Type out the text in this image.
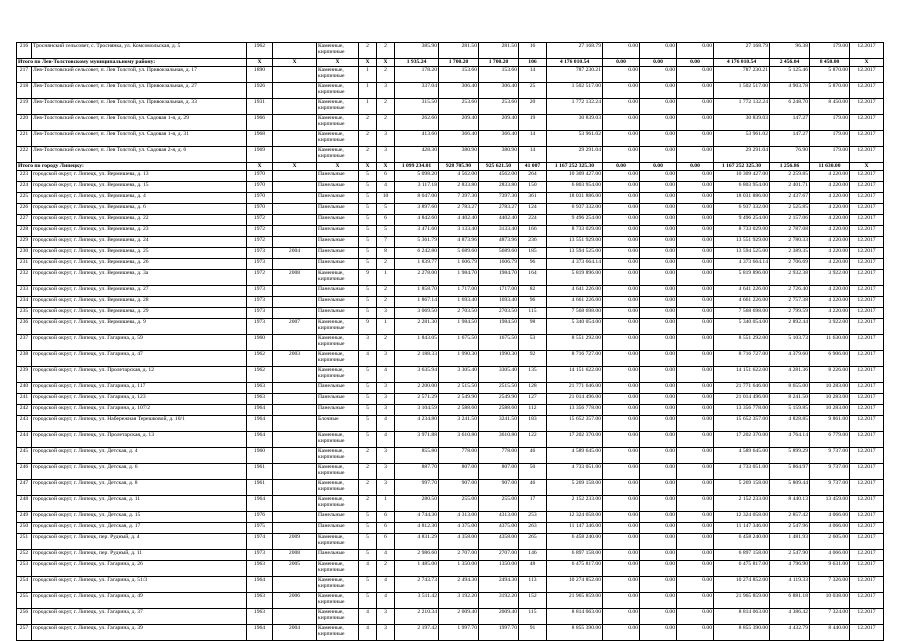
216	Троснянский сельсовет, с. Троснянка, ул. Комсомольская, д. 5	1962		Каменные, кирпичные	2	2	385.90	281.50	281.50	16	27 168.79	0.00	0.00	0.00	27 168.79	96.38	179.00	12.2017
Итого по Лев-Толстовскому муниципальному району:		X	X	X	X	X	1 935.24	1 700.20	1 700.20	106	4 176 010.54	0.00	0.00	0.00	4 176 010.54	2 456.04	8 450.00	X
217	Лев-Толстовский сельсовет, п. Лев Толстой, ул. Привокзальная, д. 17	1890		Каменные, кирпичные	1	2	178.20	153.60	153.60	14	787 230.21	0.00	0.00	0.00	787 230.21	5 125.46	5 870.00	12.2017
218	Лев-Толстовский сельсовет, п. Лев Толстой, ул. Привокзальная, д. 27	1926		Каменные, кирпичные	1	3	337.04	306.40	306.40	25	1 502 517.00	0.00	0.00	0.00	1 502 517.00	4 903.78	5 870.00	12.2017
219	Лев-Толстовский сельсовет, п. Лев Толстой, ул. Привокзальная, д. 33	1931		Каменные, кирпичные	1	2	315.50	253.60	253.60	20	1 772 132.24	0.00	0.00	0.00	1 772 132.24	6 248.70	8 450.00	12.2017
220	Лев-Толстовский сельсовет, п. Лев Толстой, ул. Садовая 1-я, д. 29	1966		Каменные, кирпичные	2	2	262.60	209.40	209.40	19	30 839.03	0.00	0.00	0.00	30 839.03	147.27	179.00	12.2017
221	Лев-Толстовский сельсовет, п. Лев Толстой, ул. Садовая 1-я, д. 31	1968		Каменные, кирпичные	2	3	413.60	366.40	366.40	14	53 961.02	0.00	0.00	0.00	53 961.02	147.27	179.00	12.2017
222	Лев-Толстовский сельсовет, п. Лев Толстой, ул. Садовая 2-я, д. 6	1969		Каменные, кирпичные	2	3	428.30	380.90	380.90	14	29 291.04	0.00	0.00	0.00	29 291.04	76.90	179.00	12.2017
Итого по городу Липецку:		X	X	X	X	X	1 099 234.01	928 705.90	925 621.50	41 007	1 167 252 325.30	0.00	0.00	0.00	1 167 252 325.30	1 256.86	11 630.00	X
223	городской округ, г. Липецк, ул. Вермишева, д. 13	1970		Панельные	5	6	5 098.20	4 562.00	4562.00	264	10 309 427.00	0.00	0.00	0.00	10 309 427.00	2 259.85	4 220.00	12.2017
224	городской округ, г. Липецк, ул. Вермишева, д. 15	1970		Панельные	5	4	3 117.18	2 833.80	2833.80	150	6 803 954.00	0.00	0.00	0.00	6 803 954.00	2 401.71	4 220.00	12.2017
225	городской округ, г. Липецк, ул. Вермишева, д. 4	1970		Панельные	5	10	8 047.00	7 397.30	7397.30	361	18 031 886.00	0.00	0.00	0.00	18 031 886.00	2 437.67	4 220.00	12.2017
226	городской округ, г. Липецк, ул. Вермишева, д. 6	1970		Панельные	5	5	3 897.60	2 783.27	2783.27	124	6 937 332.00	0.00	0.00	0.00	6 937 332.00	2 525.85	4 220.00	12.2017
227	городской округ, г. Липецк, ул. Вермишева, д. 22	1972		Панельные	5	6	4 842.60	4 402.40	4402.40	224	9 496 254.00	0.00	0.00	0.00	9 496 254.00	2 157.06	4 220.00	12.2017
228	городской округ, г. Липецк, ул. Вермишева, д. 23	1972		Панельные	5	5	3 471.60	3 133.40	3133.40	166	8 733 029.00	0.00	0.00	0.00	8 733 029.00	2 787.08	4 220.00	12.2017
229	городской округ, г. Липецк, ул. Вермишева, д. 24	1972		Панельные	5	7	5 361.79	4 873.96	4873.96	236	13 551 929.00	0.00	0.00	0.00	13 551 929.00	2 780.33	4 220.00	12.2017
230	городской округ, г. Липецк, ул. Вермишева, д. 25	1973	2004	Панельные	5	8	6 242.80	5 689.60	5689.60	185	13 594 525.00	0.00	0.00	0.00	13 594 525.00	2 389.35	4 220.00	12.2017
231	городской округ, г. Липецк, ул. Вермишева, д. 26	1973		Панельные	5	2	1 839.77	1 606.79	1606.79	96	4 373 664.14	0.00	0.00	0.00	4 373 664.14	2 706.69	4 220.00	12.2017
232	городской округ, г. Липецк, ул. Вермишева, д. 3а	1972	2008	Каменные, кирпичные	9	1	2 278.00	1 984.70	1984.70	164	5 819 896.00	0.00	0.00	0.00	5 819 896.00	2 932.38	3 922.00	12.2017
233	городской округ, г. Липецк, ул. Вермишева, д. 27	1973		Панельные	5	2	1 858.70	1 717.00	1717.00	82	4 641 226.00	0.00	0.00	0.00	4 641 226.00	2 726.40	4 220.00	12.2017
234	городской округ, г. Липецк, ул. Вермишева, д. 28	1973		Панельные	5	2	1 867.14	1 693.40	1693.40	96	4 661 226.00	0.00	0.00	0.00	4 661 226.00	2 757.38	4 220.00	12.2017
235	городской округ, г. Липецк, ул. Вермишева, д. 29	1973		Панельные	5	3	3 069.50	2 703.50	2703.50	115	7 568 698.00	0.00	0.00	0.00	7 568 698.00	2 799.59	4 220.00	12.2017
236	городской округ, г. Липецк, ул. Вермишева, д. 9	1973	2007	Каменные, кирпичные	9	1	2 281.30	1 984.50	1984.50	98	5 340 054.00	0.00	0.00	0.00	5 340 054.00	2 892.44	3 922.00	12.2017
237	городской округ, г. Липецк, ул. Гагарина, д. 59	1960		Каменные, кирпичные	3	2	1 843.05	1 675.50	1675.50	53	8 551 292.00	0.00	0.00	0.00	8 551 292.00	5 103.73	11 630.00	12.2017
238	городской округ, г. Липецк, ул. Гагарина, д. 47	1962	2003	Каменные, кирпичные	4	3	2 188.33	1 990.30	1990.30	92	8 716 727.00	0.00	0.00	0.00	8 716 727.00	4 379.60	6 906.00	12.2017
239	городской округ, г. Липецк, ул. Пролетарская, д. 12	1962		Каменные, кирпичные	5	4	3 635.94	3 305.40	3305.40	135	14 151 622.00	0.00	0.00	0.00	14 151 622.00	4 281.36	8 226.00	12.2017
240	городской округ, г. Липецк, ул. Гагарина, д. 117	1963		Панельные	5	3	2 200.00	2 515.50	2515.50	128	21 771 646.00	0.00	0.00	0.00	21 771 646.00	8 655.00	10 283.00	12.2017
241	городской округ, г. Липецк, ул. Гагарина, д. 123	1963		Панельные	5	3	2 571.29	2 549.90	2549.90	127	21 014 496.00	0.00	0.00	0.00	21 014 496.00	8 241.50	10 283.00	12.2017
242	городской округ, г. Липецк, ул. Гагарина, д. 107/2	1964		Панельные	5	3	3 104.59	2 588.60	2588.60	112	13 356 778.00	0.00	0.00	0.00	13 356 778.00	5 159.85	10 283.00	12.2017
243	городской округ, г. Липецк, ул. Набережная Терешковой, д. 10/1	1964		Блочные	5	4	4 234.80	3 241.50	3241.50	183	15 652 357.00	0.00	0.00	0.00	15 652 357.00	4 828.85	9 861.00	12.2017
244	городской округ, г. Липецк, ул. Пролетарская, д. 13	1964		Каменные, кирпичные	5	4	3 971.88	3 610.80	3610.80	122	17 202 370.00	0.00	0.00	0.00	17 202 370.00	4 764.14	6 779.00	12.2017
245	городской округ, г. Липецк, ул. Детская, д. 4	1960		Каменные, кирпичные	2	3	855.80	778.00	778.00	46	4 589 645.00	0.00	0.00	0.00	4 589 645.00	5 899.29	9 737.00	12.2017
246	городской округ, г. Липецк, ул. Детская, д. 6	1961		Каменные, кирпичные	2	3	887.70	807.00	807.00	50	4 733 051.00	0.00	0.00	0.00	4 733 051.00	5 864.97	9 737.00	12.2017
247	городской округ, г. Липецк, ул. Детская, д. 8	1961		Каменные, кирпичные	2	3	997.70	907.00	907.00	46	5 269 158.00	0.00	0.00	0.00	5 269 158.00	5 809.44	9 737.00	12.2017
248	городской округ, г. Липецк, ул. Детская, д. 11	1964		Каменные, кирпичные	2	1	280.50	255.00	255.00	17	2 152 233.00	0.00	0.00	0.00	2 152 233.00	8 440.13	13 459.00	12.2017
249	городской округ, г. Липецк, ул. Детская, д. 15	1976		Панельные	5	6	4 744.30	4 313.00	4313.00	253	12 324 058.00	0.00	0.00	0.00	12 324 058.00	2 857.42	4 066.00	12.2017
250	городской округ, г. Липецк, ул. Детская, д. 17	1975		Панельные	5	6	4 812.30	4 375.00	4375.00	263	11 147 346.00	0.00	0.00	0.00	11 147 346.00	2 547.96	4 066.00	12.2017
251	городской округ, г. Липецк, пер. Рудный, д. 4	1974	2009	Каменные, кирпичные	5	6	4 831.29	4 358.00	4358.00	265	6 458 240.00	0.00	0.00	0.00	6 458 240.00	1 481.93	2 605.00	12.2017
252	городской округ, г. Липецк, пер. Рудный, д. 11	1973	2008	Панельные	5	4	2 986.60	2 707.00	2707.00	146	6 897 158.00	0.00	0.00	0.00	6 897 158.00	2 547.90	4 066.00	12.2017
253	городской округ, г. Липецк, ул. Гагарина, д. 26	1963	2005	Каменные, кирпичные	4	2	1 485.00	1 350.00	1350.00	48	6 475 817.00	0.00	0.00	0.00	6 475 817.00	4 796.90	9 631.00	12.2017
254	городской округ, г. Липецк, ул. Гагарина, д. 51/3	1964		Каменные, кирпичные	5	4	2 743.73	2 494.30	2494.30	113	10 274 852.00	0.00	0.00	0.00	10 274 852.00	4 119.33	7 326.00	12.2017
255	городской округ, г. Липецк, ул. Гагарина, д. 49	1963	2006	Каменные, кирпичные	5	4	3 511.42	3 192.20	3192.20	152	21 965 859.00	0.00	0.00	0.00	21 965 859.00	6 881.18	10 038.00	12.2017
256	городской округ, г. Липецк, ул. Гагарина, д. 37	1963		Каменные, кирпичные	4	3	2 210.34	2 009.40	2009.40	115	8 814 063.00	0.00	0.00	0.00	8 814 063.00	4 386.42	7 324.00	12.2017
257	городской округ, г. Липецк, ул. Гагарина, д. 39	1964	2004	Каменные, кирпичные	4	3	2 197.42	1 997.70	1997.70	91	8 855 390.00	0.00	0.00	0.00	8 855 390.00	4 432.79	8 440.00	12.2017
